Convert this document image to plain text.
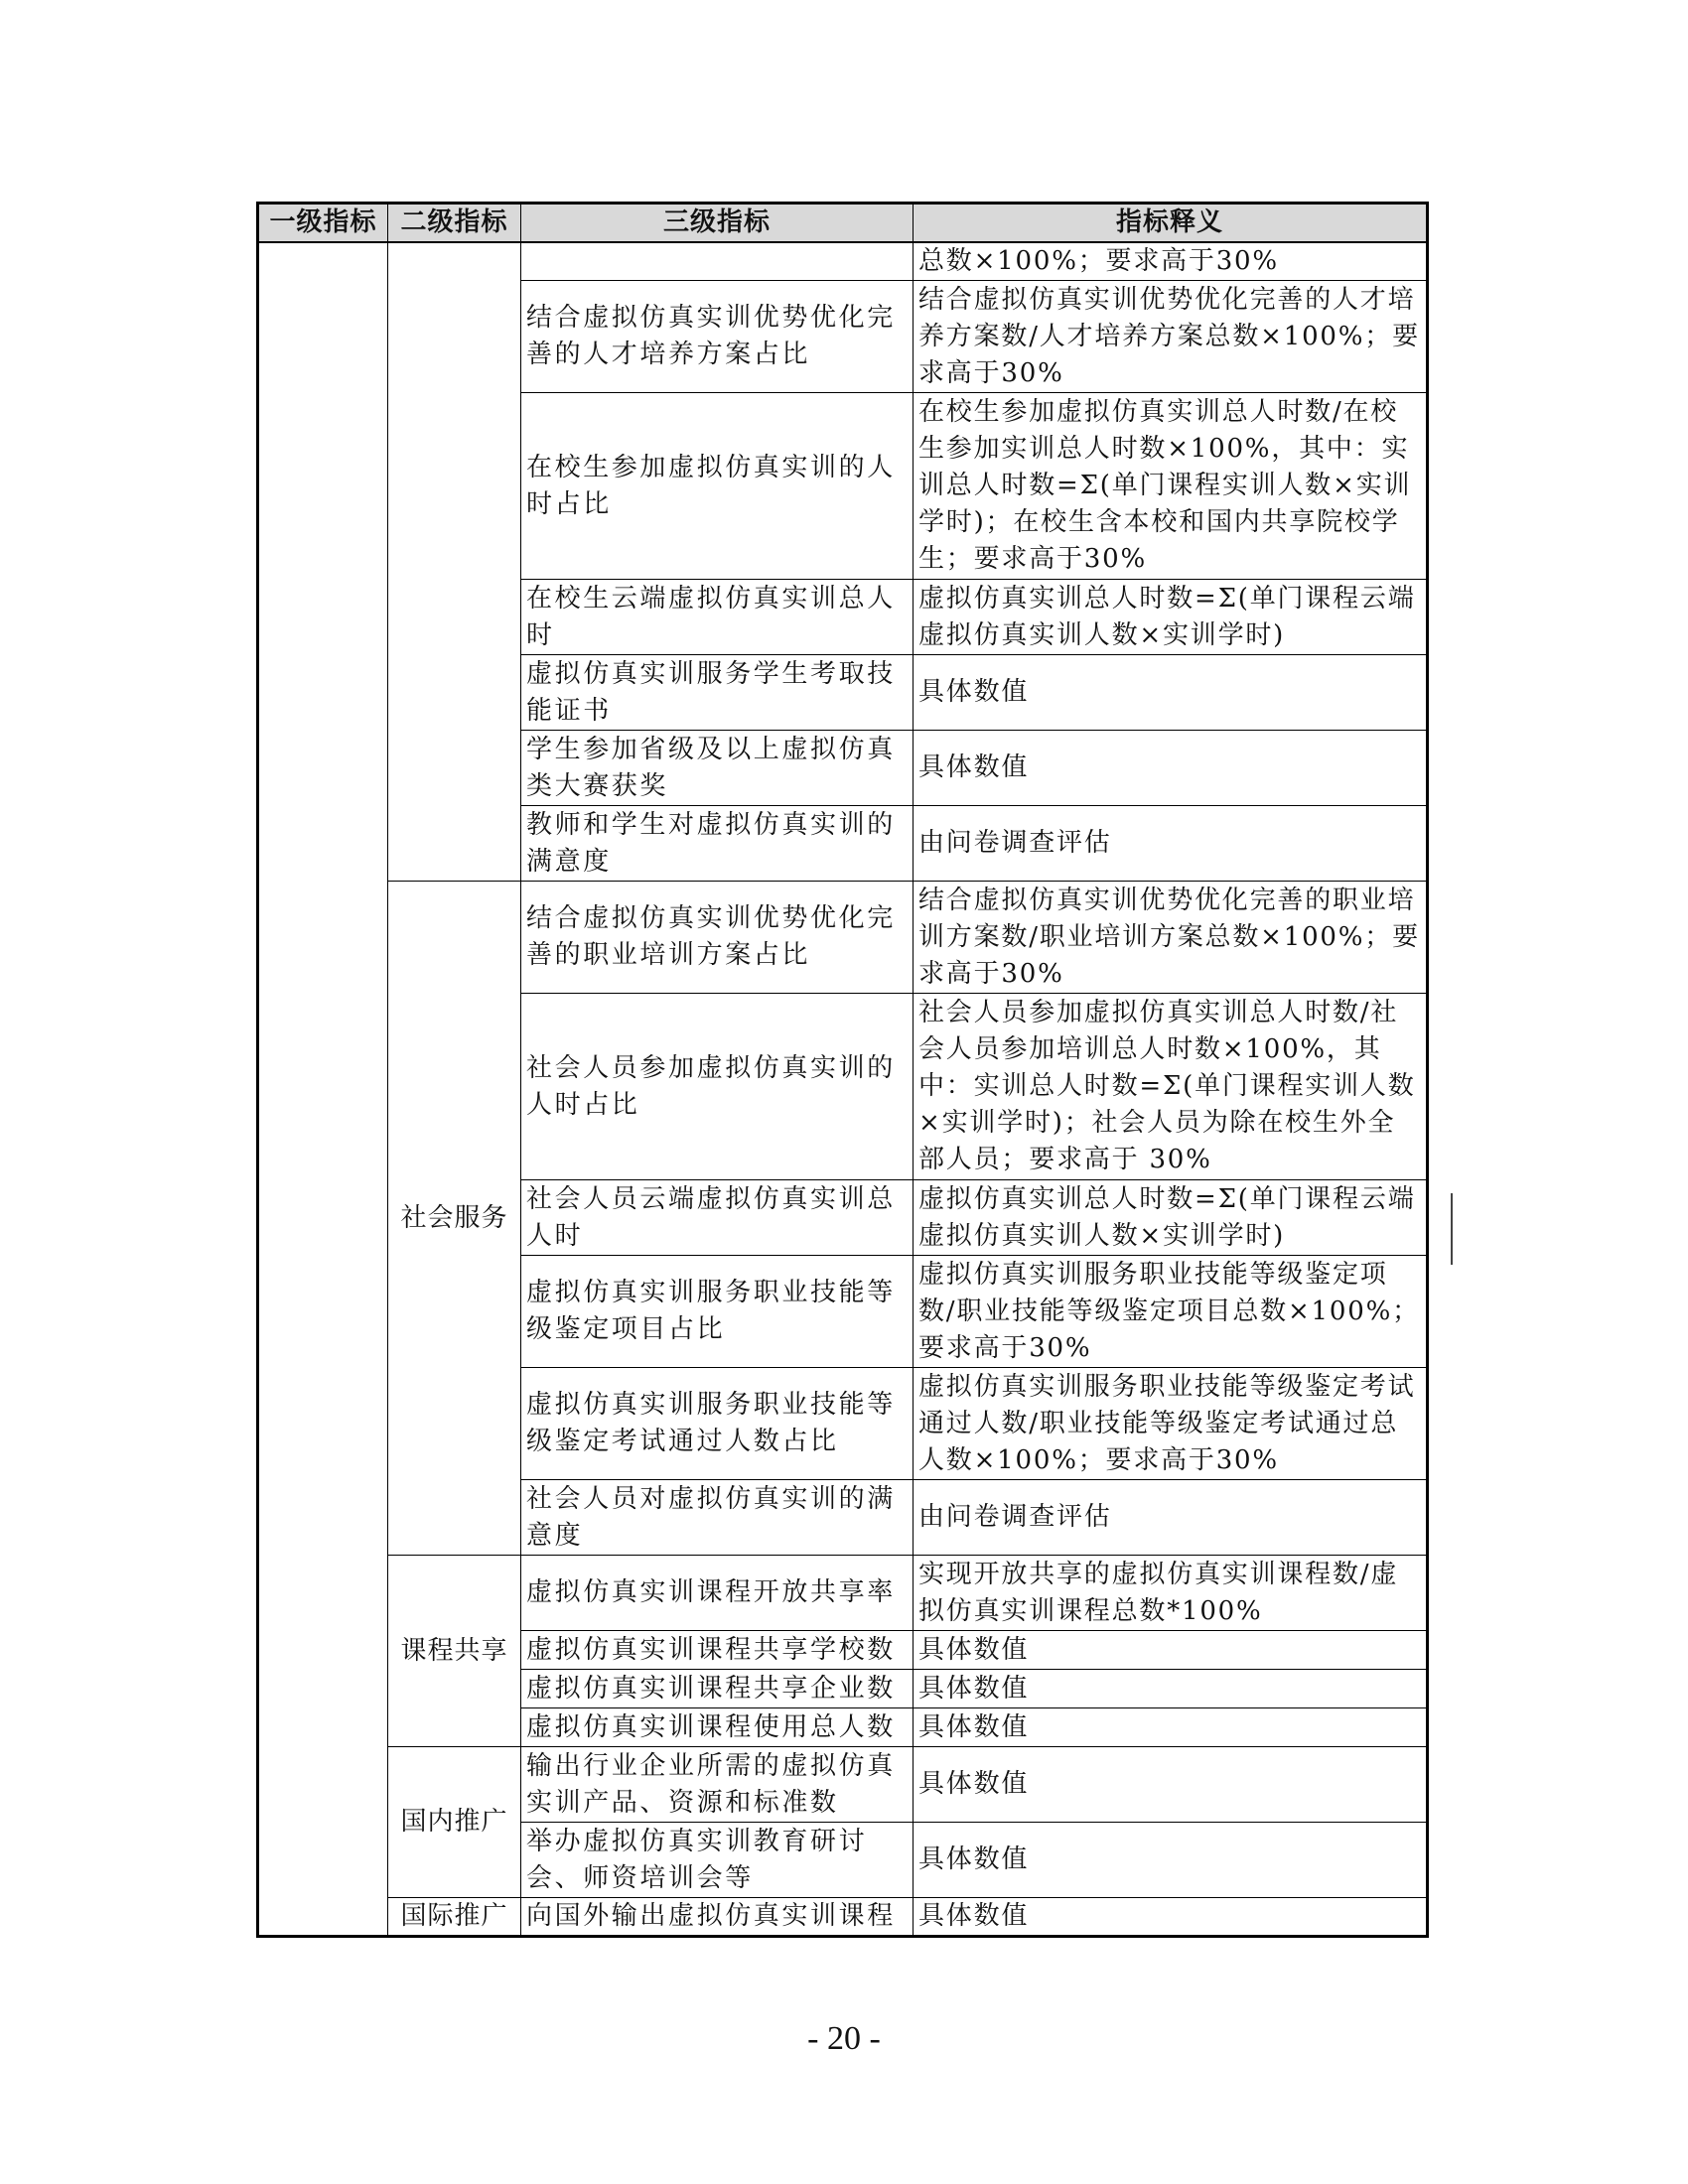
一级指标	二级指标	三级指标	指标释义
			总数×100%；要求高于30%
		结合虚拟仿真实训优势优化完善的人才培养方案占比	结合虚拟仿真实训优势优化完善的人才培养方案数/人才培养方案总数×100%；要求高于30%
		在校生参加虚拟仿真实训的人时占比	在校生参加虚拟仿真实训总人时数/在校生参加实训总人时数×100%，其中：实训总人时数=Σ(单门课程实训人数×实训学时)；在校生含本校和国内共享院校学生；要求高于30%
		在校生云端虚拟仿真实训总人时	虚拟仿真实训总人时数=Σ(单门课程云端虚拟仿真实训人数×实训学时)
		虚拟仿真实训服务学生考取技能证书	具体数值
		学生参加省级及以上虚拟仿真类大赛获奖	具体数值
		教师和学生对虚拟仿真实训的满意度	由问卷调查评估
	社会服务	结合虚拟仿真实训优势优化完善的职业培训方案占比	结合虚拟仿真实训优势优化完善的职业培训方案数/职业培训方案总数×100%；要求高于30%
		社会人员参加虚拟仿真实训的人时占比	社会人员参加虚拟仿真实训总人时数/社会人员参加培训总人时数×100%，其中：实训总人时数=Σ(单门课程实训人数×实训学时)；社会人员为除在校生外全部人员；要求高于 30%
		社会人员云端虚拟仿真实训总人时	虚拟仿真实训总人时数=Σ(单门课程云端虚拟仿真实训人数×实训学时)
		虚拟仿真实训服务职业技能等级鉴定项目占比	虚拟仿真实训服务职业技能等级鉴定项数/职业技能等级鉴定项目总数×100%；要求高于30%
		虚拟仿真实训服务职业技能等级鉴定考试通过人数占比	虚拟仿真实训服务职业技能等级鉴定考试通过人数/职业技能等级鉴定考试通过总人数×100%；要求高于30%
		社会人员对虚拟仿真实训的满意度	由问卷调查评估
	课程共享	虚拟仿真实训课程开放共享率	实现开放共享的虚拟仿真实训课程数/虚拟仿真实训课程总数*100%
		虚拟仿真实训课程共享学校数	具体数值
		虚拟仿真实训课程共享企业数	具体数值
		虚拟仿真实训课程使用总人数	具体数值
	国内推广	输出行业企业所需的虚拟仿真实训产品、资源和标准数	具体数值
		举办虚拟仿真实训教育研讨会、师资培训会等	具体数值
	国际推广	向国外输出虚拟仿真实训课程	具体数值
- 20 -
